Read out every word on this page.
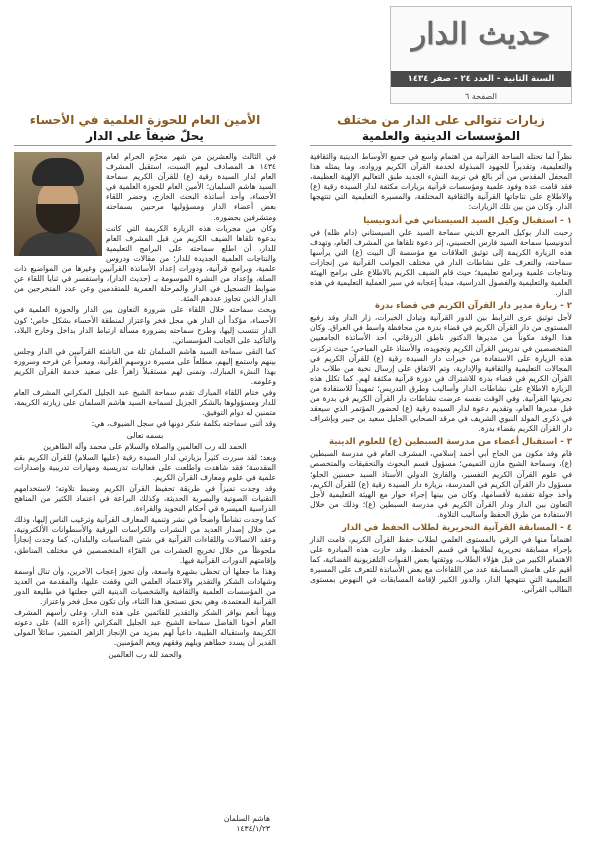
حديث الدار
السنة الثانية - العدد ٢٤ - صفر ١٤٣٤
الصفحة ٦
زيارات تتوالى على الدار من مختلف
المؤسسات الدينية والعلمية
الأمين العام للحوزة العلمية في الأحساء
يحلّ ضيفاً على الدار

نظراً لما تحتله الساحة القرآنية من اهتمام واسع في جميع الأوساط الدينية والثقافية والتعليمية، وتقديراً للجهود المبذولة لخدمة القرآن الكريم ورواده، وما يمثله هذا المحفل المقدس من أثر بالغ في تربية النشء الجديد طبق التعاليم الإلهية العظيمة، فقد قامت عدة وفود علمية ومؤسسات قرآنية بزيارات مكثفة لدار السيدة رقية (ع) والاطلاع على نتاجاتها القرآنية والثقافية المختلفة، والمسيرة التعليمية التي تنتهجها الدار. وكان من بين تلك الزيارات:

١ - استقبال وكيل السيد السيستاني في أندونيسيا

رحبت الدار بوكيل المرجع الديني سماحة السيد علي السيستاني (دام ظله) في أندونيسيا سماحة السيد فارس الحسيني، إثر دعوة تلقاها من المشرف العام، وتهدف هذه الزيارة الكريمة إلى توثيق العلاقات مع مؤسسة آل البيت (ع) التي يرأسها سماحته، والتعرف على نشاطات الدار في مختلف الجوانب القرآنية من إنجازات ونتاجات علمية وبرامج تعليمية؛ حيث قام الضيف الكريم بالاطلاع على برامج الهيئة العلمية والتعليمية والفصول الدراسية، مبدياً إعجابه في سير العملية التعليمية في هذه الدار.

٢ - زيارة مدير دار القرآن الكريم في قضاء بدرة

لأجل توثيق عرى الترابط بين الدور القرآنية وتبادل الخبرات، زار الدار وفد رفيع المستوى من دار القرآن الكريم في قضاء بدرة من محافظة واسط في العراق. وكان هذا الوفد مكوناً من مديرها الدكتور ناطق الزرقاني، أحد الأساتذة الجامعيين المتخصصين في تدريس القرآن الكريم وتجويده، والأستاذ علي المباحي؛ حيث تركزت هذه الزيارة على الاستفادة من خبرات دار السيدة رقية (ع) للقرآن الكريم في المجالات التعليمية والثقافية والإدارية، وتم الاتفاق على إرسال نخبة من طلاب دار القرآن الكريم في قضاء بدرة للاشتراك في دورة قرآنية مكثفة لهم. كما تكلل هذه الزيارة الاطلاع على نشاطات الدار وأساليب وطرق التدريس؛ تمهيداً للاستفادة من تجربتها القرآنية. وفي الوقت نفسه عرضت نشاطات دار القرآن الكريم في بدرة من قبل مديرها العام، وتقديم دعوة لدار السيدة رقية (ع) لحضور المؤتمر الذي سيعقد في ذكرى المولد النبوي الشريف في مرقد الصحابي الجليل سعيد بن جبير وبإشراف دار القرآن الكريم بقضاء بدرة.

٣ - استقبال أعضاء من مدرسة السبطين (ع) للعلوم الدينية

قام وفد مكون من الحاج أبي أحمد إسلامي، المشرف العام في مدرسة السبطين (ع)، وسماحة الشيخ مازن التميمي؛ مسؤول قسم البحوث والتحقيقات والمتخصص في علوم القرآن الكريم التفسير، والقارئ الدولي الأستاذ السيد حسنين الحلو؛ مسؤول دار القرآن الكريم في المدرسة، بزيارة دار السيدة رقية (ع) للقرآن الكريم، وأخذ جولة تفقدية لأقسامها، وكان من بينها إجراء حوار مع الهيئة التعليمية لأجل التعاون بين الدار ودار القرآن الكريم في مدرسة السبطين (ع)؛ وذلك من خلال الاستفادة من طرق الحفظ وأساليب التلاوة.

٤ - المسابقة القرآنية التحريرية لطلاب الحفظ في الدار

اهتماماً منها في الرقي بالمستوى العلمي لطلاب حفظ القرآن الكريم، قامت الدار بإجراء مسابقة تحريرية لطلابها في قسم الحفظ، وقد حازت هذه المبادرة على الاهتمام الكبير من قبل هؤلاء الطلاب، ووثقتها بعض القنوات التلفزيونية الفضائية، كما أقيم على هامش المسابقة عدد من اللقاءات مع بعض الأساتذة للتعرف على المسيرة التعليمية التي تنتهجها الدار، والدور الكبير لإقامة المسابقات في النهوض بمستوى الطالب القرآني.

في الثالث والعشرين من شهر محرّم الحرام لعام ١٤٣٤ هـ المصادف ليوم السبت، استقبل المشرف العام لدار السيدة رقية (ع) للقرآن الكريم سماحة السيد هاشم السلمان؛ الأمين العام للحوزة العلمية في الأحساء، وأحد أساتذة البحث الخارج، وحضر اللقاء بعض أعضاء الدار ومسؤوليها مرحبين بسماحته ومتشرفين بحضوره.

وكان من مجريات هذه الزيارة الكريمة التي كانت بدعوة تلقاها الضيف الكريم من قبل المشرف العام للدار، أن اطلع سماحته على البرامج التعليمية والنتاجات العلمية الجديدة للدار؛ من مقالات ودروس علمية، وبرامج قرآنية، ودورات إعداد الأساتذة القرآنيين وغيرها من المواضيع ذات الصلة، وإعداد من النشرة الموسومة بـ (حديث الدار)، واستفسر في ثنايا اللقاء عن ضوابط التسجيل في الدار والمرحلة العمرية للمتقدمين وعن عدد المتخرجين من الدار الذين تجاوز عددهم المئة.

وبحث سماحته خلال اللقاء على ضرورة التعاون بين الدار والحوزة العلمية في الأحساء، مؤكداً أن الدار هي محل فخر واعتزاز لمنطقة الأحساء بشكل خاص؛ كون الدار تنتسب إليها، وطرح سماحته بضرورة مسألة ارتباط الدار بداخل وخارج البلاد، والتأكيد على الجانب المؤسساتي.

كما التقى سماحة السيد هاشم السلمان ثلة من الناشئة القرآنيين في الدار وجلس بينهم واستمع إليهم، مطلعاً على مسيرة دروسهم القرآنية، ومعبراً عن فرحه وسروره بهذا النشء المبارك، وتمنى لهم مستقبلاً زاهراً على صعيد خدمة القرآن الكريم وعلومه.

وفي ختام اللقاء المبارك تقدم سماحة الشيخ عبد الجليل المكراني المشرف العام للدار ومسؤولوها بالشكر الجزيل لسماحة السيد هاشم السلمان على زيارته الكريمة، متمنين له دوام التوفيق.

وقد أثنى سماحته بكلمة شكر دونها في سجل الضيوف، هي:

بسمه تعالى

الحمد لله رب العالمين والصلاة والسلام على محمد وآله الطاهرين

وبعد: لقد سررت كثيراً بزيارتي لدار السيدة رقية (عليها السلام) للقرآن الكريم بقم المقدسة؛ فقد شاهدت واطلعت على فعاليات تدريسية ومهارات تدريبية وإصدارات علمية في علوم ومعارف القرآن الكريم.

وقد وجدت تميزاً في طريقة تحفيظ القرآن الكريم وضبط تلاوته؛ لاستخدامهم التقنيات الصوتية والبصرية الحديثة، وكذلك البراعة في اعتماد الكثير من المناهج الدراسية الميسرة في أحكام التجويد والقراءة.

كما وجدت نشاطاً واضحاً في نشر وتنمية المعارف القرآنية وترغيب الناس إليها، وذلك من خلال إصدار العديد من النشرات والكراسات الورقية والأسطوانات الألكترونية، وعقد الاتصالات واللقاءات القرآنية في شتى المناسبات والبلدان، كما وجدت إنجازاً ملحوظاً من خلال تخريج العشرات من القرّاء المتخصصين في مختلف المناطق، وإقامتهم الدورات القرآنية فيها.

وهذا ما جعلها أن تحظى بشهرة واسعة، وأن تحوز إعجاب الآخرين، وأن تنال أوسمة وشهادات الشكر والتقدير والاعتماد العلمي التي وقفت عليها، والمقدمة من العديد من المؤسسات العلمية والثقافية والشخصيات الدينية التي جعلتها في طليعة الدور القرآنية المعتمدة، وهي بحق تستحق هذا الثناء، وأن تكون محل فخر واعتزاز.

ويهنأ أنعم بوافر الشكر والتقدير للقائمين على هذه الدار، وعلى رأسهم المشرف العام أخونا الفاضل سماحة الشيخ عبد الجليل المكراني (أعزه الله) على دعوته الكريمة واستقباله الطيبة، داعياً لهم بمزيد من الإنجاز الزاهر المتميز، سائلاً المولى القدير أن يسدد خطاهم ويلهم وفقهم ويعم المؤمنين.

والحمد لله رب العالمين

هاشم السلمان
١٤٣٤/١/٢٣
